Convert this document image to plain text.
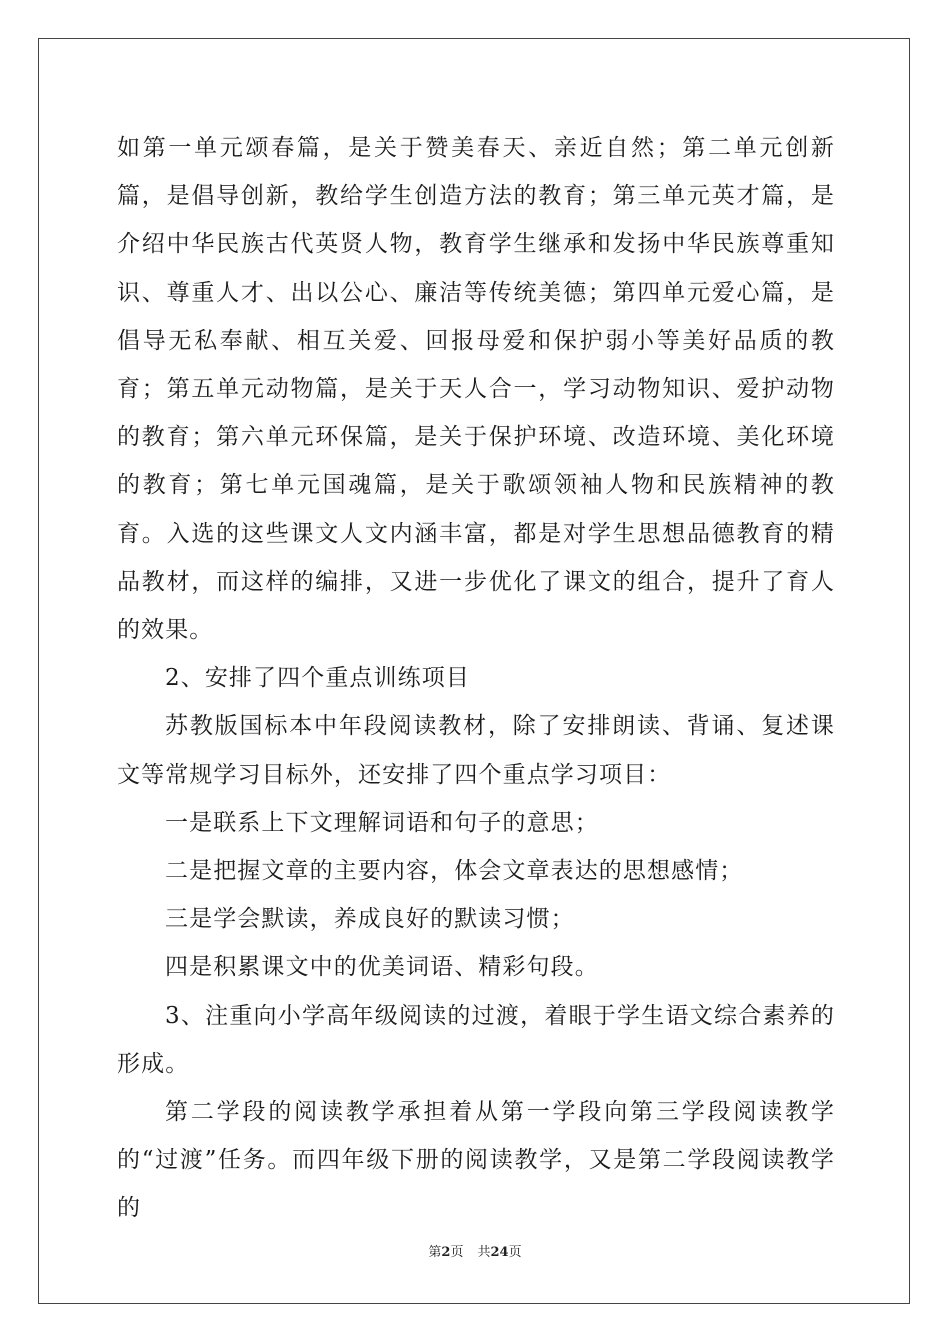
如第一单元颂春篇，是关于赞美春天、亲近自然；第二单元创新篇，是倡导创新，教给学生创造方法的教育；第三单元英才篇，是介绍中华民族古代英贤人物，教育学生继承和发扬中华民族尊重知识、尊重人才、出以公心、廉洁等传统美德；第四单元爱心篇，是倡导无私奉献、相互关爱、回报母爱和保护弱小等美好品质的教育；第五单元动物篇，是关于天人合一，学习动物知识、爱护动物的教育；第六单元环保篇，是关于保护环境、改造环境、美化环境的教育；第七单元国魂篇，是关于歌颂领袖人物和民族精神的教育。入选的这些课文人文内涵丰富，都是对学生思想品德教育的精品教材，而这样的编排，又进一步优化了课文的组合，提升了育人的效果。

2、安排了四个重点训练项目

苏教版国标本中年段阅读教材，除了安排朗读、背诵、复述课文等常规学习目标外，还安排了四个重点学习项目：

一是联系上下文理解词语和句子的意思；

二是把握文章的主要内容，体会文章表达的思想感情；

三是学会默读，养成良好的默读习惯；

四是积累课文中的优美词语、精彩句段。

3、注重向小学高年级阅读的过渡，着眼于学生语文综合素养的形成。

第二学段的阅读教学承担着从第一学段向第三学段阅读教学的“过渡”任务。而四年级下册的阅读教学，又是第二学段阅读教学的

第2页 共24页
